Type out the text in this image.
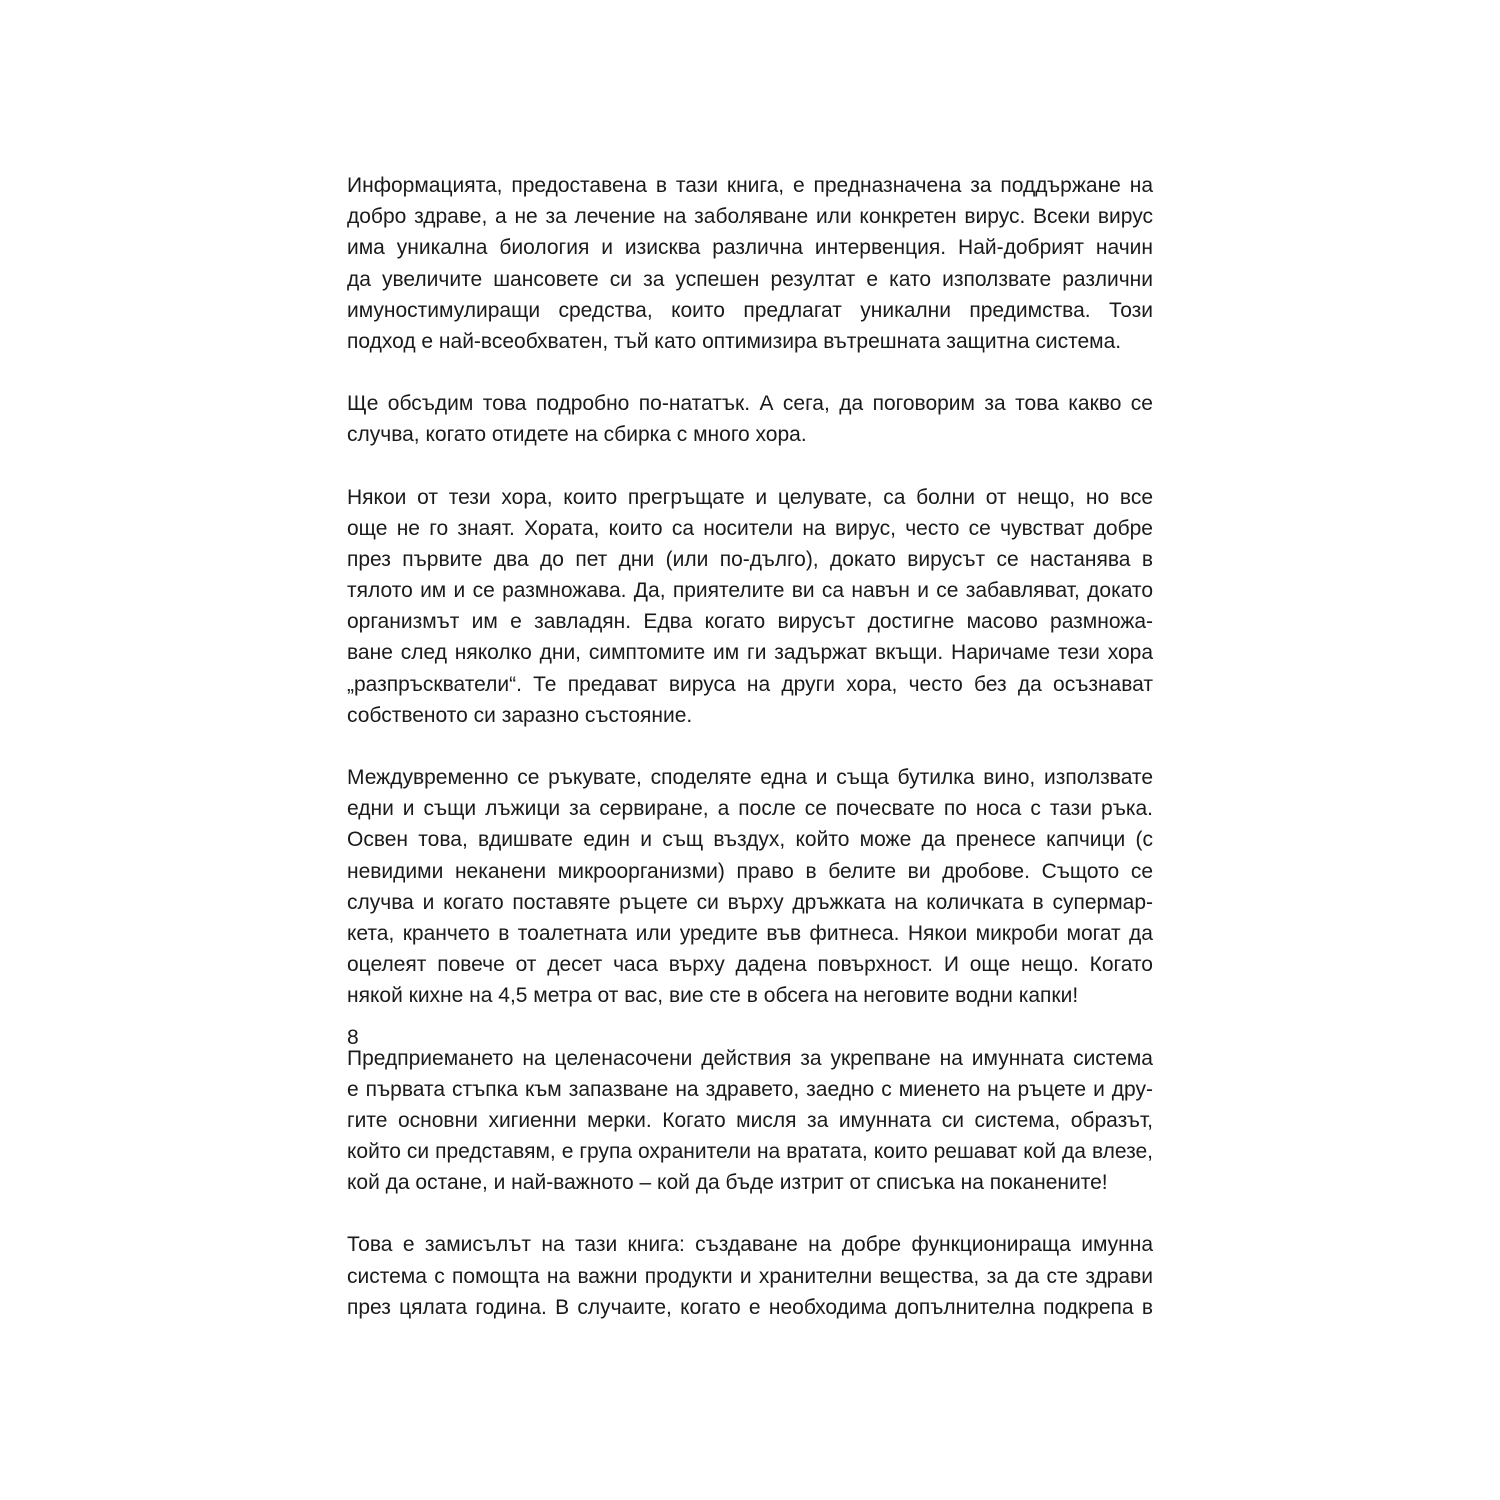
Информацията, предоставена в тази книга, е предназначена за поддържане на
добро здраве, а не за лечение на заболяване или конкретен вирус. Всеки вирус
има уникална биология и изисква различна интервенция. Най-добрият начин
да увеличите шансовете си за успешен резултат е като използвате различни
имуностимулиращи средства, които предлагат уникални предимства. Този
подход е най-всеобхватен, тъй като оптимизира вътрешната защитна система.
Ще обсъдим това подробно по-нататък. А сега, да поговорим за това какво се
случва, когато отидете на сбирка с много хора.
Някои от тези хора, които прегръщате и целувате, са болни от нещо, но все
още не го знаят. Хората, които са носители на вирус, често се чувстват добре
през първите два до пет дни (или по-дълго), докато вирусът се настанява в
тялото им и се размножава. Да, приятелите ви са навън и се забавляват, докато
организмът им е завладян. Едва когато вирусът достигне масово размножа-
ване след няколко дни, симптомите им ги задържат вкъщи. Наричаме тези хора
„разпръскватели“. Те предават вируса на други хора, често без да осъзнават
собственото си заразно състояние.
Междувременно се ръкувате, споделяте една и съща бутилка вино, използвате
едни и същи лъжици за сервиране, а после се почесвате по носа с тази ръка.
Освен това, вдишвате един и същ въздух, който може да пренесе капчици (с
невидими неканени микроорганизми) право в белите ви дробове. Същото се
случва и когато поставяте ръцете си върху дръжката на количката в супермар-
кета, кранчето в тоалетната или уредите във фитнеса. Някои микроби могат да
оцелеят повече от десет часа върху дадена повърхност. И още нещо. Когато
някой кихне на 4,5 метра от вас, вие сте в обсега на неговите водни капки!
Предприемането на целенасочени действия за укрепване на имунната система
е първата стъпка към запазване на здравето, заедно с миенето на ръцете и дру-
гите основни хигиенни мерки. Когато мисля за имунната си система, образът,
който си представям, е група охранители на вратата, които решават кой да влезе,
кой да остане, и най-важното – кой да бъде изтрит от списъка на поканените!
Това е замисълът на тази книга: създаване на добре функционираща имунна
система с помощта на важни продукти и хранителни вещества, за да сте здрави
през цялата година. В случаите, когато е необходима допълнителна подкрепа в
8
